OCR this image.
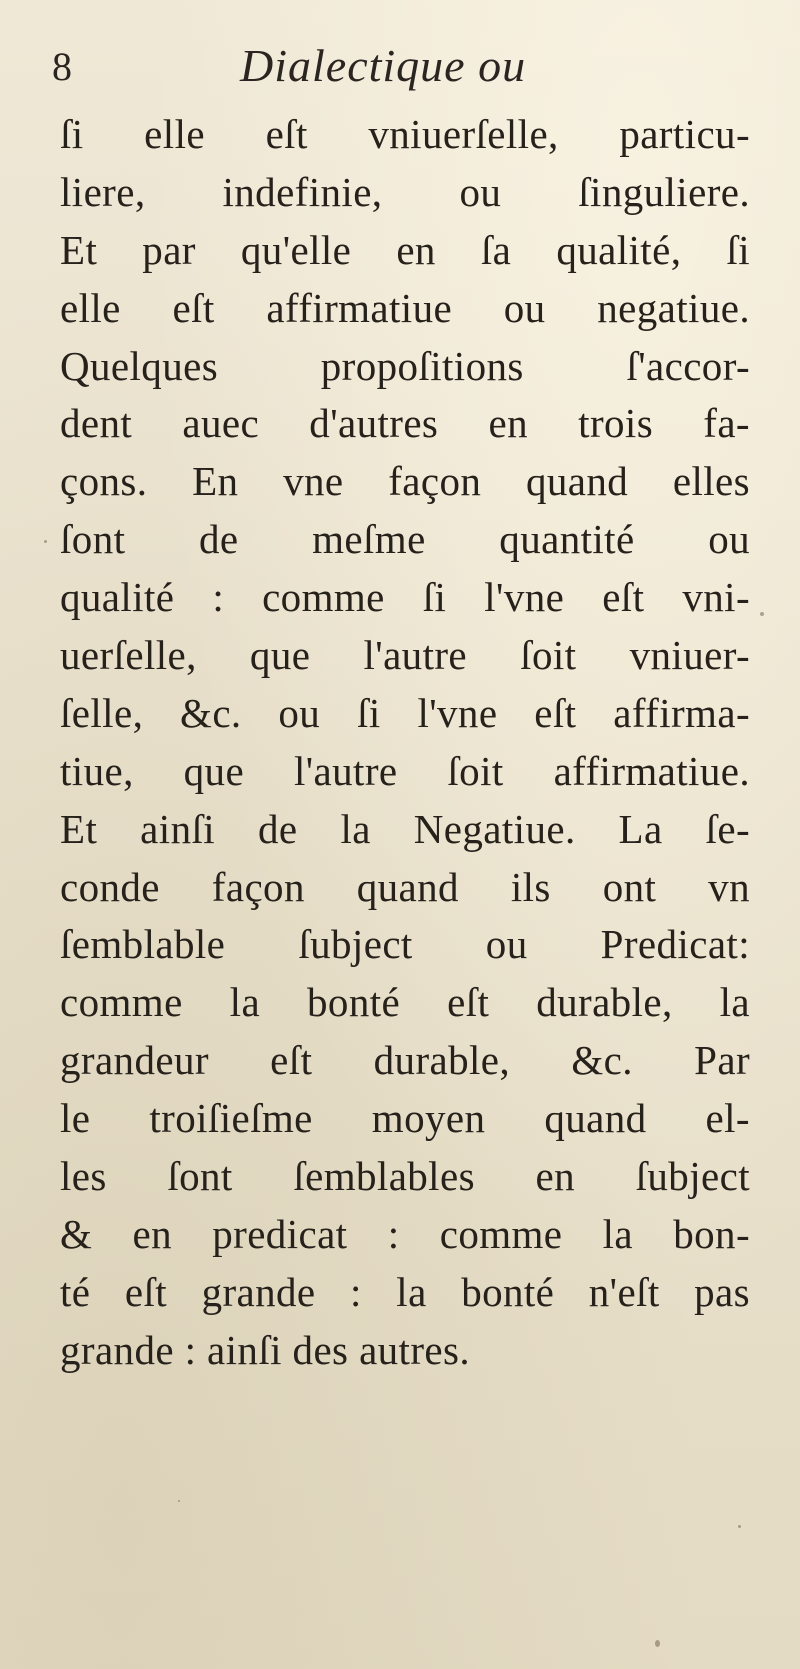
8	Dialectique ou
ſi elle eſt vniuerſelle, particu-
liere, indefinie, ou ſinguliere.
Et par qu'elle en ſa qualité, ſi
elle eſt affirmatiue ou negatiue.
Quelques propoſitions ſ'accor-
dent auec d'autres en trois fa-
çons. En vne façon quand elles
ſont de meſme quantité ou
qualité : comme ſi l'vne eſt vni-
uerſelle, que l'autre ſoit vniuer-
ſelle, &c. ou ſi l'vne eſt affirma-
tiue, que l'autre ſoit affirmatiue.
Et ainſi de la Negatiue. La ſe-
conde façon quand ils ont vn
ſemblable ſubject ou Predicat:
comme la bonté eſt durable, la
grandeur eſt durable, &c. Par
le troiſieſme moyen quand el-
les ſont ſemblables en ſubject
& en predicat : comme la bon-
té eſt grande : la bonté n'eſt pas
grande : ainſi des autres.
